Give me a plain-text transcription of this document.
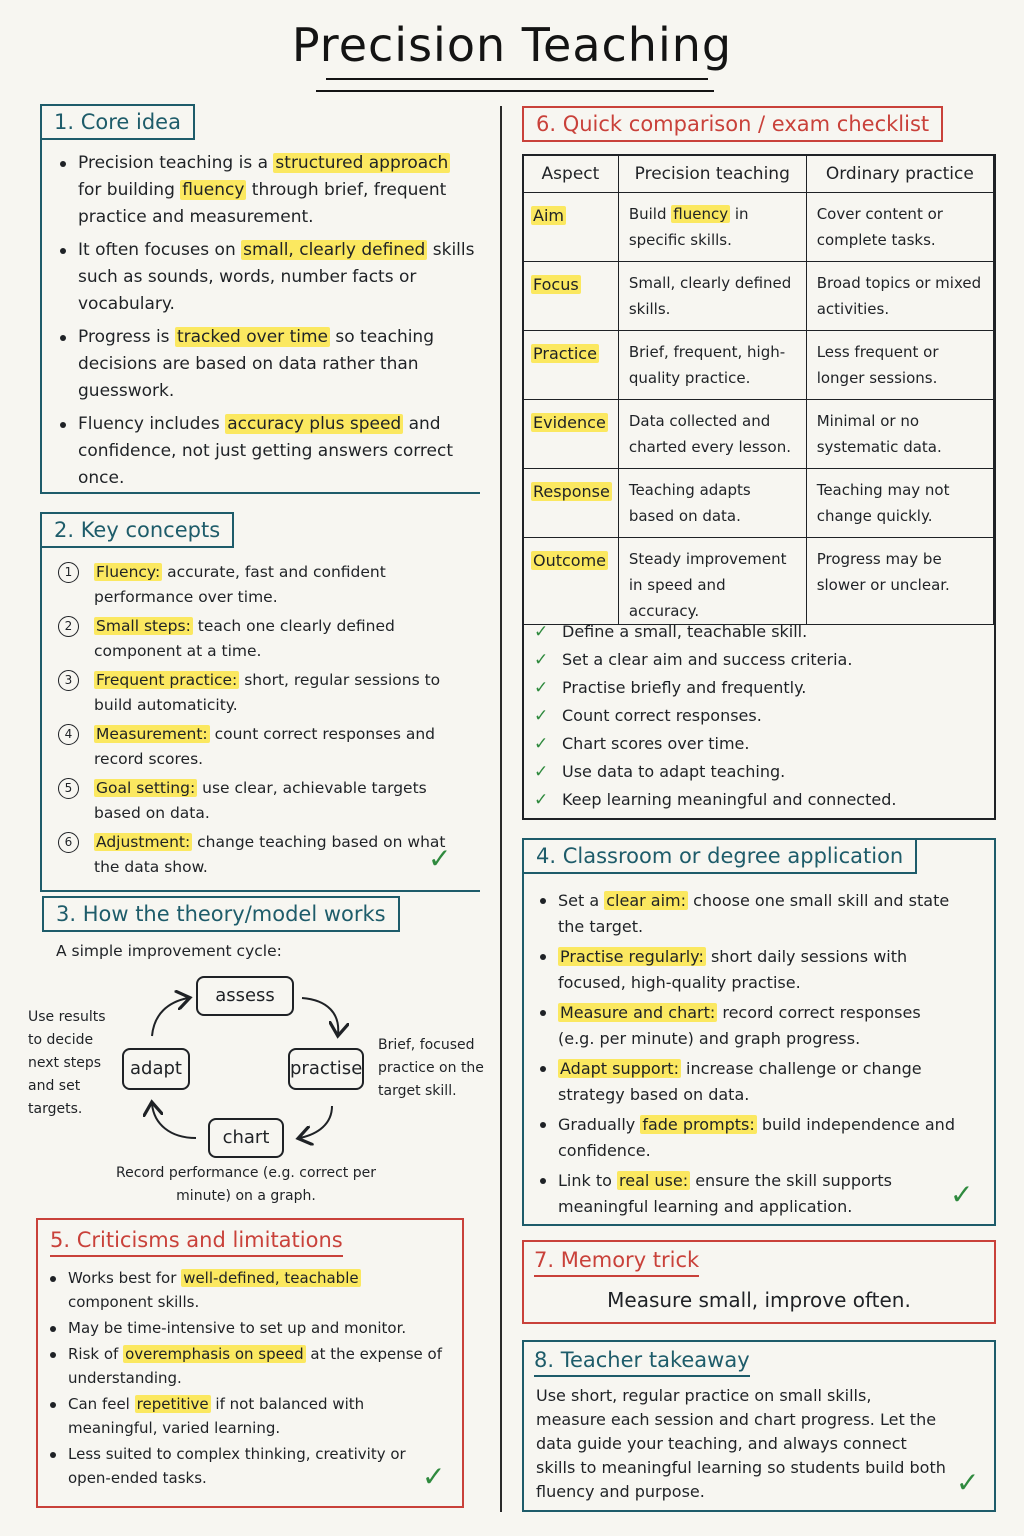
Precision Teaching
1. Core idea
Precision teaching is a structured approach for building fluency through brief, frequent practice and measurement.
It often focuses on small, clearly defined skills such as sounds, words, number facts or vocabulary.
Progress is tracked over time so teaching decisions are based on data rather than guesswork.
Fluency includes accuracy plus speed and confidence, not just getting answers correct once.
2. Key concepts
1	Fluency: accurate, fast and confident performance over time.
2	Small steps: teach one clearly defined component at a time.
3	Frequent practice: short, regular sessions to build automaticity.
4	Measurement: count correct responses and record scores.
5	Goal setting: use clear, achievable targets based on data.
6	Adjustment: change teaching based on what the data show.	✓
3. How the theory/model works
A simple improvement cycle:
assess
practise
chart
adapt
Use results to decide next steps and set targets.
Brief, focused practice on the target skill.
Record performance (e.g. correct per minute) on a graph.
5. Criticisms and limitations
Works best for well-defined, teachable component skills.
May be time-intensive to set up and monitor.
Risk of overemphasis on speed at the expense of understanding.
Can feel repetitive if not balanced with meaningful, varied learning.
Less suited to complex thinking, creativity or open-ended tasks.	✓
6. Quick comparison / exam checklist
Aspect	Precision teaching	Ordinary practice
Aim	Build fluency in specific skills.	Cover content or complete tasks.
Focus	Small, clearly defined skills.	Broad topics or mixed activities.
Practice	Brief, frequent, high-quality practice.	Less frequent or longer sessions.
Evidence	Data collected and charted every lesson.	Minimal or no systematic data.
Response	Teaching adapts based on data.	Teaching may not change quickly.
Outcome	Steady improvement in speed and accuracy.	Progress may be slower or unclear.
✓ Define a small, teachable skill.
✓ Set a clear aim and success criteria.
✓ Practise briefly and frequently.
✓ Count correct responses.
✓ Chart scores over time.
✓ Use data to adapt teaching.
✓ Keep learning meaningful and connected.
4. Classroom or degree application
Set a clear aim: choose one small skill and state the target.
Practise regularly: short daily sessions with focused, high-quality practise.
Measure and chart: record correct responses (e.g. per minute) and graph progress.
Adapt support: increase challenge or change strategy based on data.
Gradually fade prompts: build independence and confidence.
Link to real use: ensure the skill supports meaningful learning and application.	✓
7. Memory trick
Measure small, improve often.
8. Teacher takeaway
Use short, regular practice on small skills, measure each session and chart progress. Let the data guide your teaching, and always connect skills to meaningful learning so students build both fluency and purpose.	✓
